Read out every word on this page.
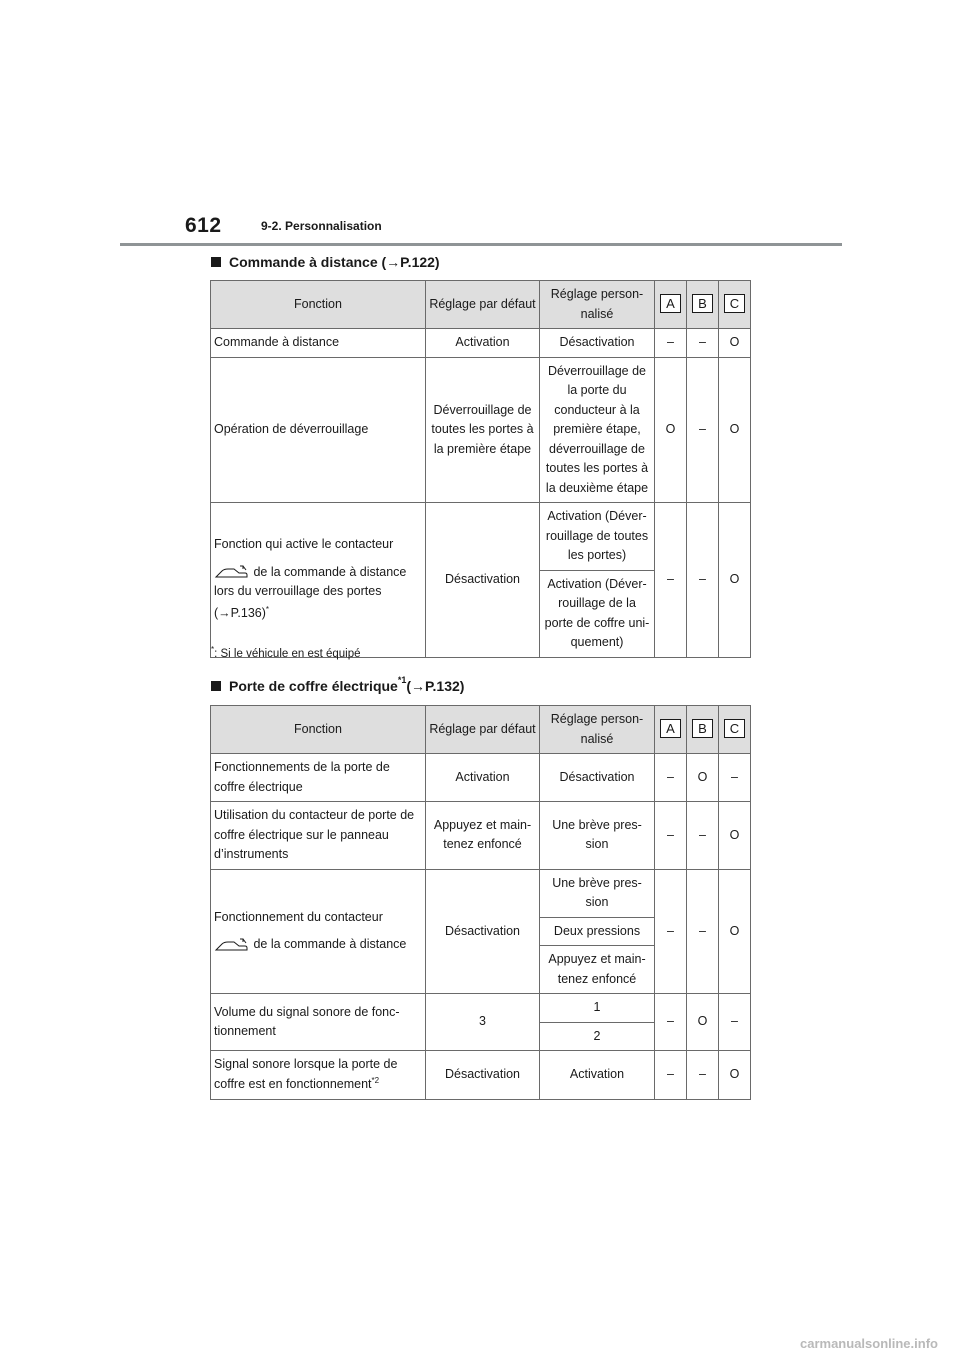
612	9-2. Personnalisation
Commande à distance (→P.122)
Fonction	Réglage par défaut	Réglage person-nalisé	A	B	C
Commande à distance	Activation	Désactivation	–	–	O
Opération de déverrouillage	Déverrouillage de toutes les portes à la première étape	Déverrouillage de la porte du conducteur à la première étape, déverrouillage de toutes les portes à la deuxième étape	O	–	O

Fonction qui active le contacteur
de la commande à distance lors du verrouillage des portes
(→P.136)*	Désactivation	Activation (Déver-rouillage de toutes les portes)	–	–	O
		Activation (Déver-rouillage de la porte de coffre uni-quement)			
*: Si le véhicule en est équipé
Porte de coffre électrique$^{*1}$ (→P.132)
Fonction	Réglage par défaut	Réglage person-nalisé	A	B	C
Fonctionnements de la porte de coffre électrique	Activation	Désactivation	–	O	–
Utilisation du contacteur de porte de coffre électrique sur le panneau d’instruments	Appuyez et main-tenez enfoncé	Une brève pres-sion	–	–	O

Fonctionnement du contacteur
de la commande à distance	Désactivation	Une brève pres-sion	–	–	O
		Deux pressions			
		Appuyez et main-tenez enfoncé			
Volume du signal sonore de fonc-tionnement	3	1	–	O	–
		2			
Signal sonore lorsque la porte de coffre est en fonctionnement$^{*2}$	Désactivation	Activation	–	–	O
carmanualsonline.info
